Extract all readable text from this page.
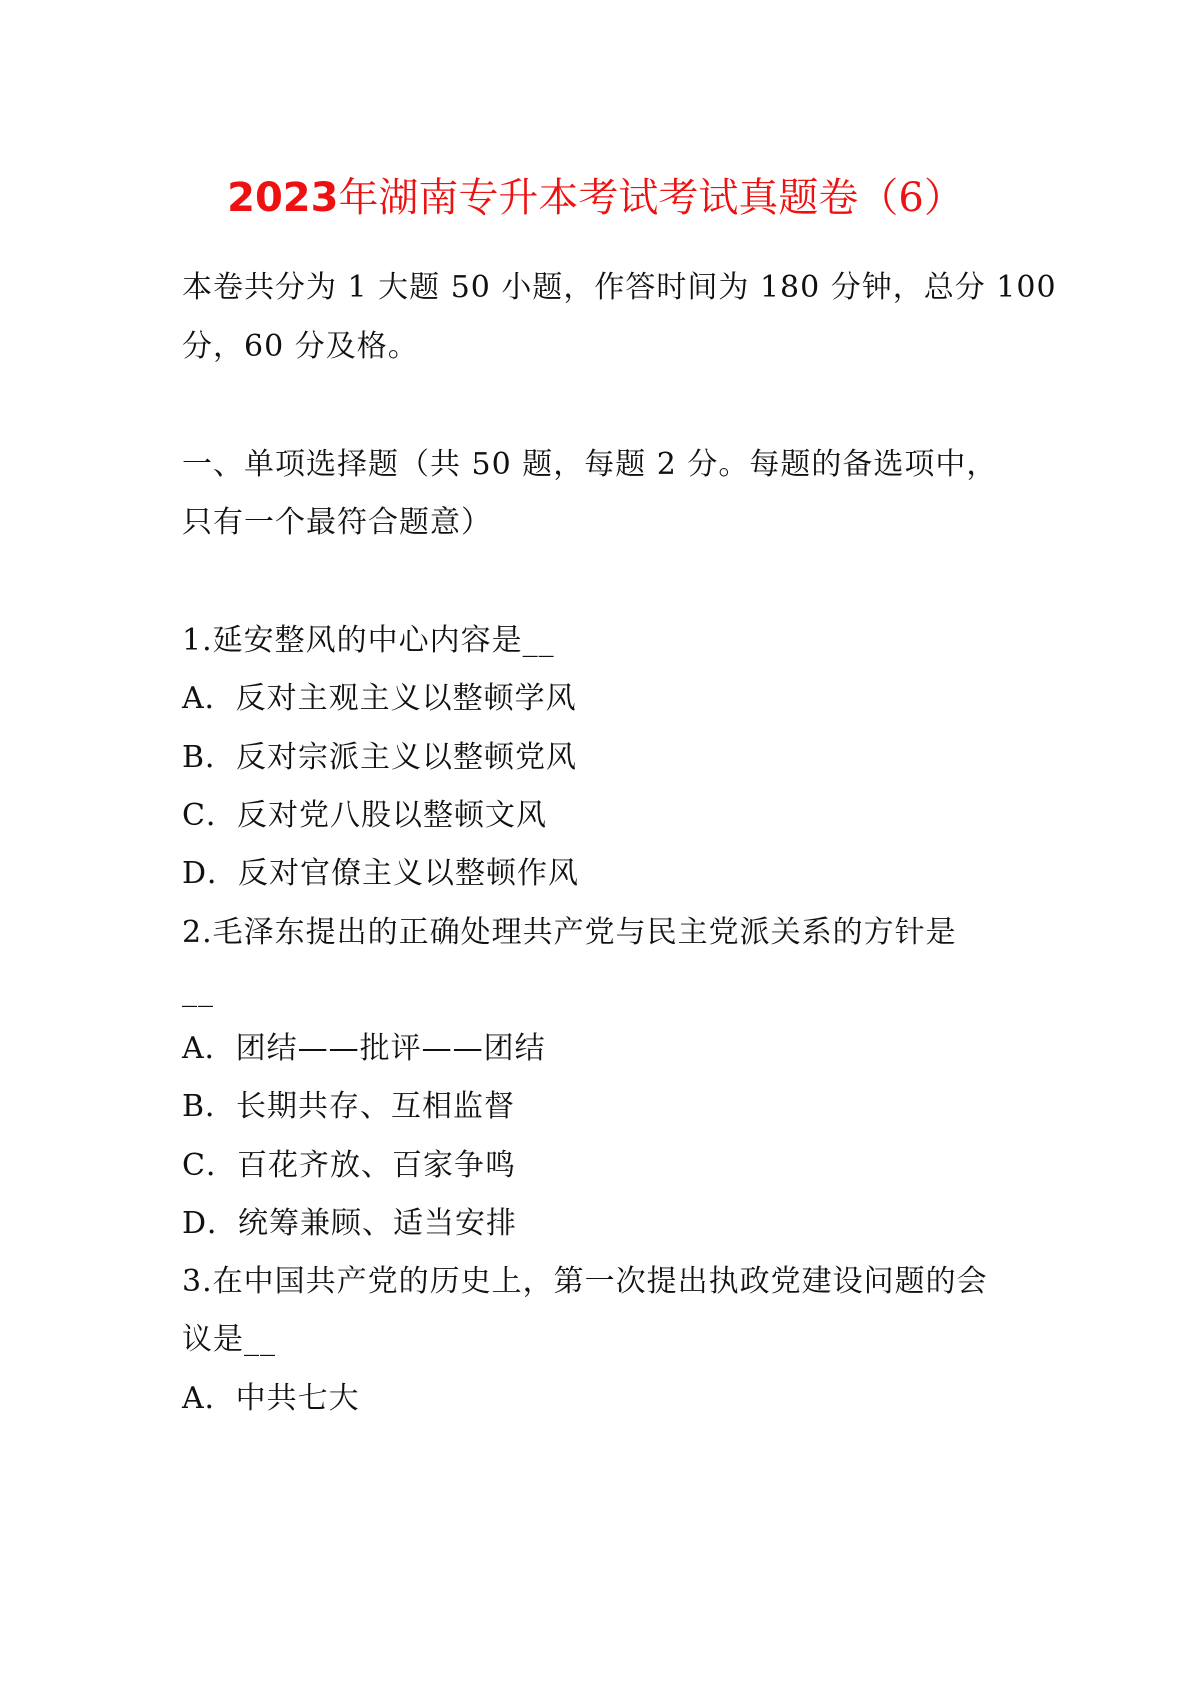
2023年湖南专升本考试考试真题卷（6）
本卷共分为 1 大题 50 小题，作答时间为 180 分钟，总分 100
分，60 分及格。
一、单项选择题（共 50 题，每题 2 分。每题的备选项中，
只有一个最符合题意）
1.延安整风的中心内容是__
A．反对主观主义以整顿学风
B．反对宗派主义以整顿党风
C．反对党八股以整顿文风
D．反对官僚主义以整顿作风
2.毛泽东提出的正确处理共产党与民主党派关系的方针是
__
A．团结——批评——团结
B．长期共存、互相监督
C．百花齐放、百家争鸣
D．统筹兼顾、适当安排
3.在中国共产党的历史上，第一次提出执政党建设问题的会
议是__
A．中共七大
